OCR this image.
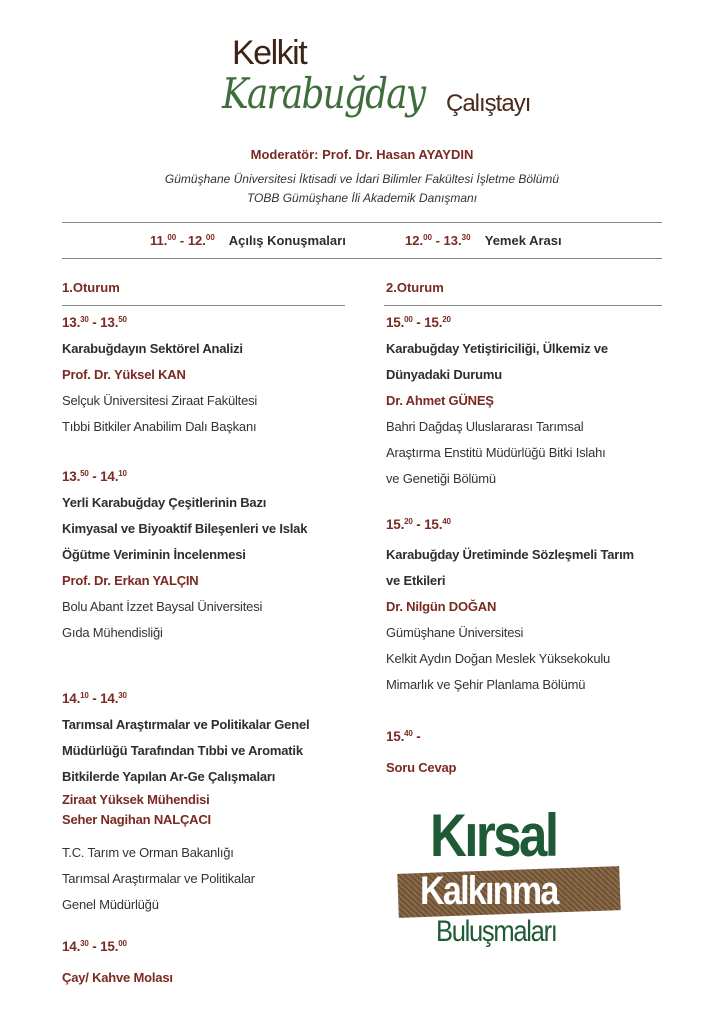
Kelkit
Karabuğday Çalıştayı
Moderatör: Prof. Dr. Hasan AYAYDIN
Gümüşhane Üniversitesi İktisadi ve İdari Bilimler Fakültesi İşletme Bölümü
TOBB Gümüşhane İli Akademik Danışmanı
11.00 - 12.00 Açılış Konuşmaları	12.00 - 13.30 Yemek Arası
1.Oturum	2.Oturum
13.30 - 13.50
Karabuğdayın Sektörel Analizi
Prof. Dr. Yüksel KAN
Selçuk Üniversitesi Ziraat Fakültesi
Tıbbi Bitkiler Anabilim Dalı Başkanı
13.50 - 14.10
Yerli Karabuğday Çeşitlerinin Bazı
Kimyasal ve Biyoaktif Bileşenleri ve Islak
Öğütme Veriminin İncelenmesi
Prof. Dr. Erkan YALÇIN
Bolu Abant İzzet Baysal Üniversitesi
Gıda Mühendisliği
14.10 - 14.30
Tarımsal Araştırmalar ve Politikalar Genel
Müdürlüğü Tarafından Tıbbi ve Aromatik
Bitkilerde Yapılan Ar-Ge Çalışmaları
Ziraat Yüksek Mühendisi
Seher Nagihan NALÇACI
T.C. Tarım ve Orman Bakanlığı
Tarımsal Araştırmalar ve Politikalar
Genel Müdürlüğü
14.30 - 15.00
Çay/ Kahve Molası
15.00 - 15.20
Karabuğday Yetiştiriciliği, Ülkemiz ve
Dünyadaki Durumu
Dr. Ahmet GÜNEŞ
Bahri Dağdaş Uluslararası Tarımsal
Araştırma Enstitü Müdürlüğü Bitki Islahı
ve Genetiği Bölümü
15.20 - 15.40
Karabuğday Üretiminde Sözleşmeli Tarım
ve Etkileri
Dr. Nilgün DOĞAN
Gümüşhane Üniversitesi
Kelkit Aydın Doğan Meslek Yüksekokulu
Mimarlık ve Şehir Planlama Bölümü
15.40 -
Soru Cevap
Kırsal
Kalkınma
Buluşmaları
